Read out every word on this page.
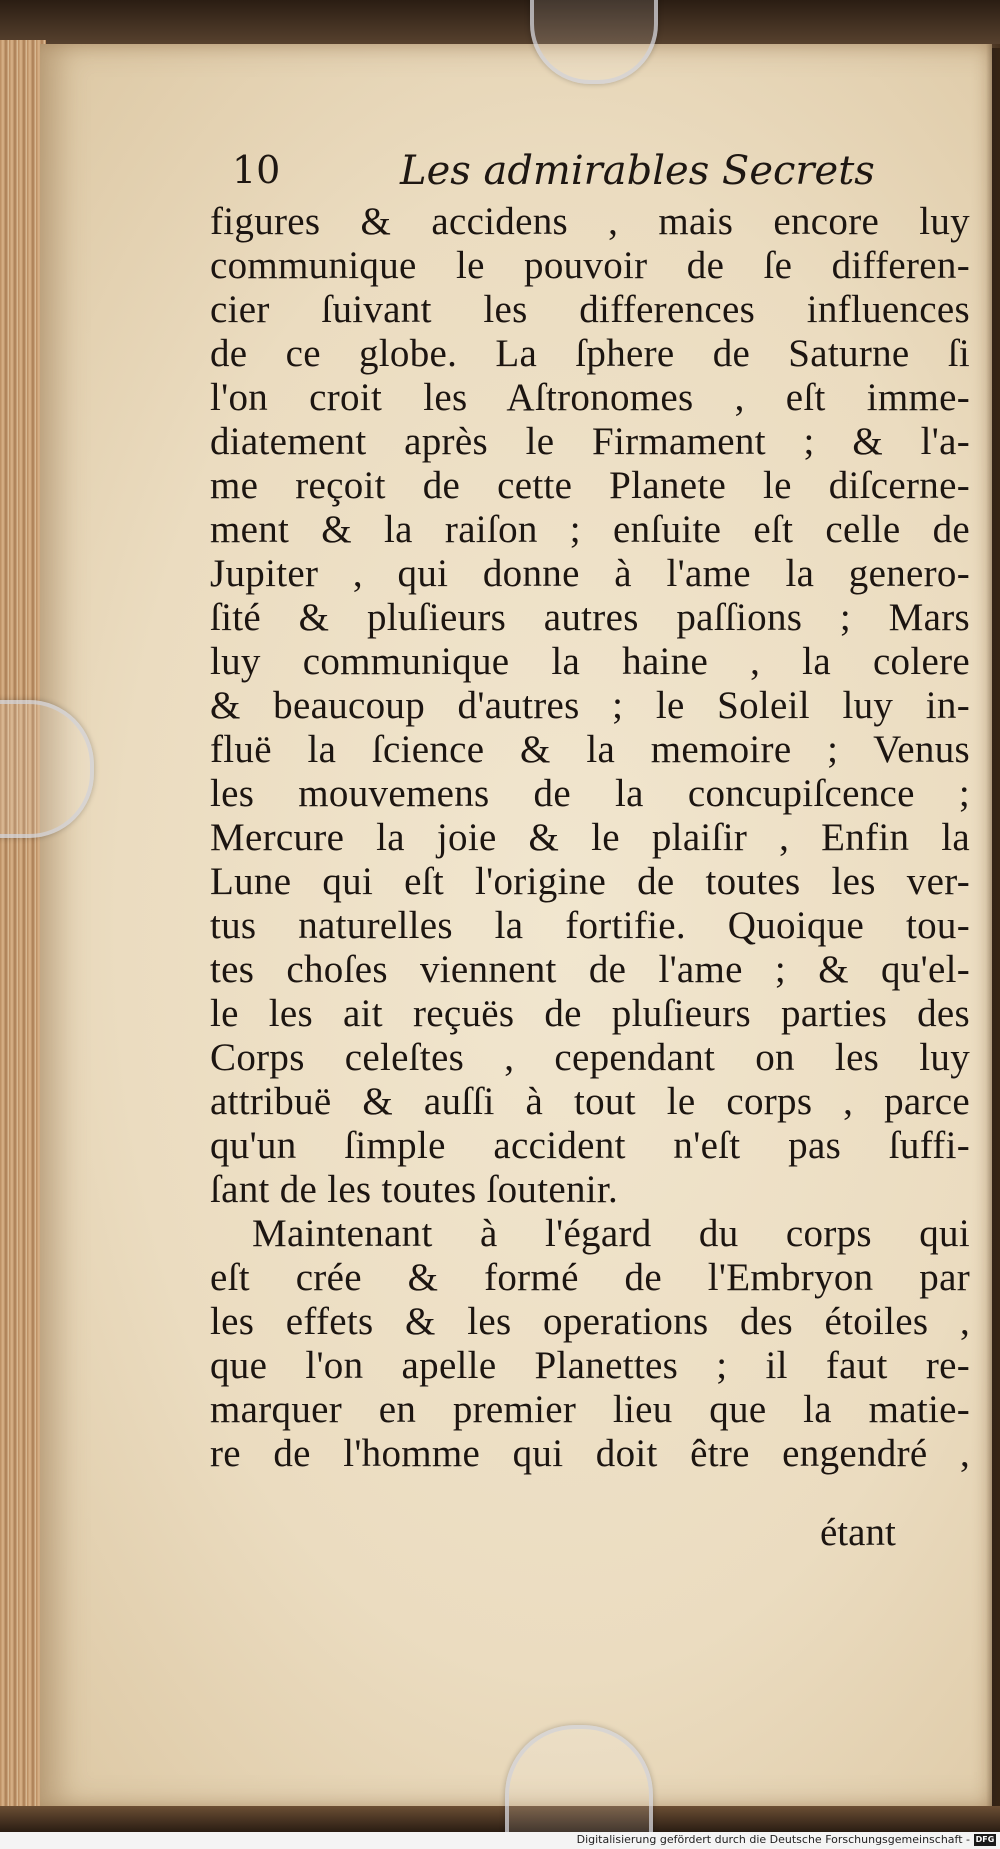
10	Les admirables Secrets
figures & accidens , mais encore luy
communique le pouvoir de ſe differen-
cier ſuivant les differences influences
de ce globe. La ſphere de Saturne ſi
l'on croit les Aſtronomes , eſt imme-
diatement après le Firmament ; & l'a-
me reçoit de cette Planete le diſcerne-
ment & la raiſon ; enſuite eſt celle de
Jupiter , qui donne à l'ame la genero-
ſité & pluſieurs autres paſſions ; Mars
luy communique la haine , la colere
& beaucoup d'autres ; le Soleil luy in-
fluë la ſcience & la memoire ; Venus
les mouvemens de la concupiſcence ;
Mercure la joie & le plaiſir , Enfin la
Lune qui eſt l'origine de toutes les ver-
tus naturelles la fortifie. Quoique tou-
tes choſes viennent de l'ame ; & qu'el-
le les ait reçuës de pluſieurs parties des
Corps celeſtes , cependant on les luy
attribuë & auſſi à tout le corps , parce
qu'un ſimple accident n'eſt pas ſuffi-
ſant de les toutes ſoutenir.
Maintenant à l'égard du corps qui
eſt crée & formé de l'Embryon par
les effets & les operations des étoiles ,
que l'on apelle Planettes ; il faut re-
marquer en premier lieu que la matie-
re de l'homme qui doit être engendré ,
étant
Digitalisierung gefördert durch die Deutsche Forschungsgemeinschaft - DFG
